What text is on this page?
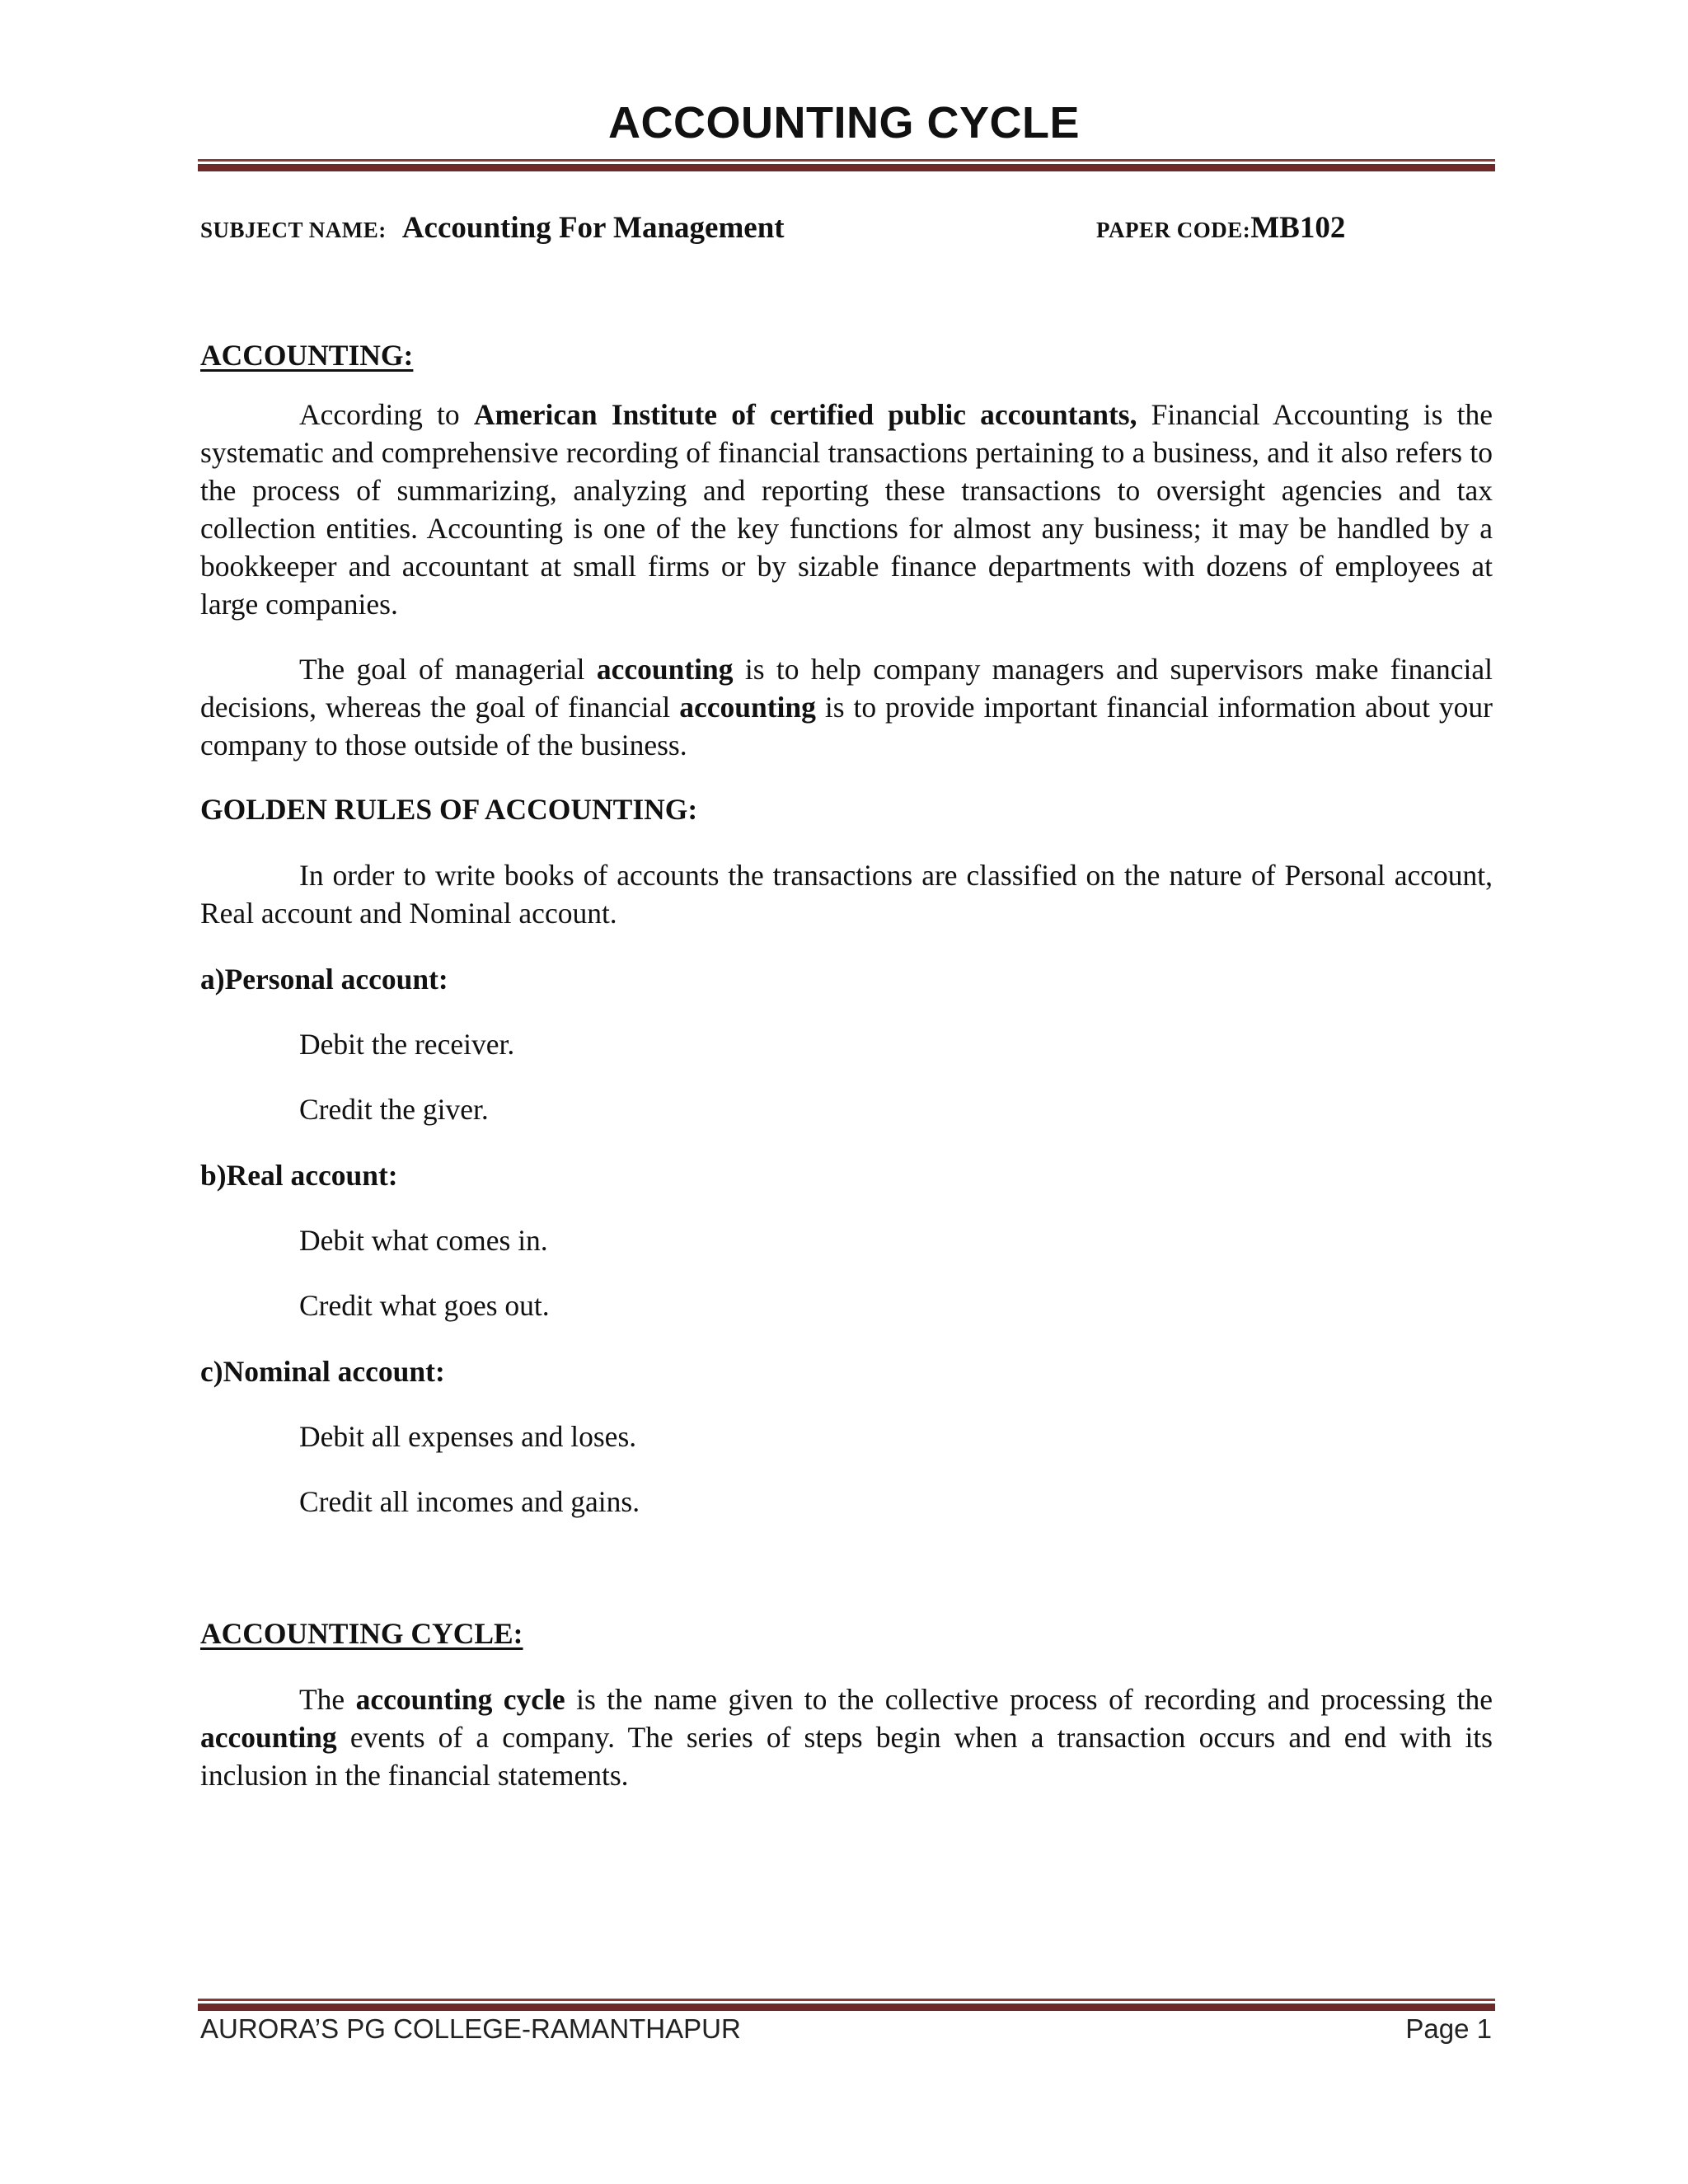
ACCOUNTING CYCLE
SUBJECT NAME: Accounting For Management	PAPER CODE:MB102
ACCOUNTING:

According to American Institute of certified public accountants, Financial Accounting is the systematic and comprehensive recording of financial transactions pertaining to a business, and it also refers to the process of summarizing, analyzing and reporting these transactions to oversight agencies and tax collection entities. Accounting is one of the key functions for almost any business; it may be handled by a bookkeeper and accountant at small firms or by sizable finance departments with dozens of employees at large companies.

The goal of managerial accounting is to help company managers and supervisors make financial decisions, whereas the goal of financial accounting is to provide important financial information about your company to those outside of the business.

GOLDEN RULES OF ACCOUNTING:

In order to write books of accounts the transactions are classified on the nature of Personal account, Real account and Nominal account.

a)Personal account:
Debit the receiver.
Credit the giver.
b)Real account:
Debit what comes in.
Credit what goes out.
c)Nominal account:
Debit all expenses and loses.
Credit all incomes and gains.
ACCOUNTING CYCLE:

The accounting cycle is the name given to the collective process of recording and processing the accounting events of a company. The series of steps begin when a transaction occurs and end with its inclusion in the financial statements.

AURORA’S PG COLLEGE-RAMANTHAPUR	Page 1
